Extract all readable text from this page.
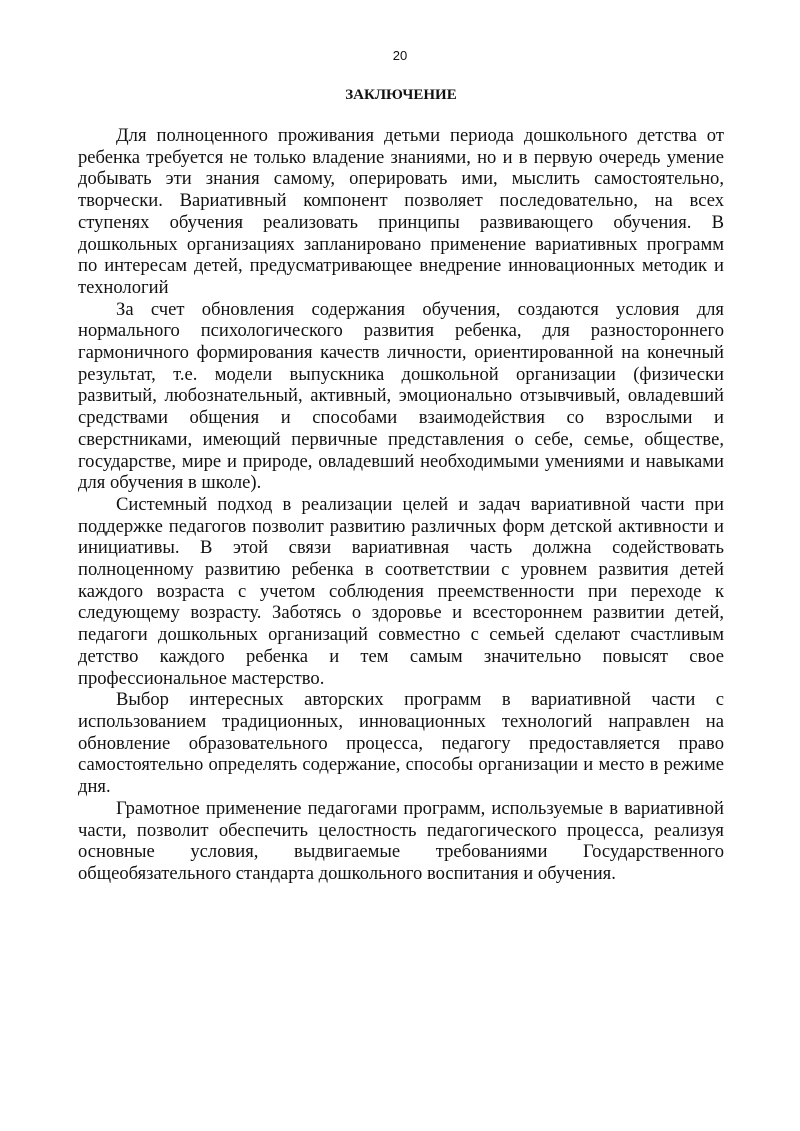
20
ЗАКЛЮЧЕНИЕ

Для полноценного проживания детьми периода дошкольного детства от ребенка требуется не только владение знаниями, но и в первую очередь умение добывать эти знания самому, оперировать ими, мыслить самостоятельно, творчески. Вариативный компонент позволяет последовательно, на всех ступенях обучения реализовать принципы развивающего обучения. В дошкольных организациях запланировано применение вариативных программ по интересам детей, предусматривающее внедрение инновационных методик и технологий

За счет обновления содержания обучения, создаются условия для нормального психологического развития ребенка, для разностороннего гармоничного формирования качеств личности, ориентированной на конечный результат, т.е. модели выпускника дошкольной организации (физически развитый, любознательный, активный, эмоционально отзывчивый, овладевший средствами общения и способами взаимодействия со взрослыми и сверстниками, имеющий первичные представления о себе, семье, обществе, государстве, мире и природе, овладевший необходимыми умениями и навыками для обучения в школе).

Системный подход в реализации целей и задач вариативной части при поддержке педагогов позволит развитию различных форм детской активности и инициативы. В этой связи вариативная часть должна содействовать полноценному развитию ребенка в соответствии с уровнем развития детей каждого возраста с учетом соблюдения преемственности при переходе к следующему возрасту. Заботясь о здоровье и всестороннем развитии детей, педагоги дошкольных организаций совместно с семьей сделают счастливым детство каждого ребенка и тем самым значительно повысят свое профессиональное мастерство.

Выбор интересных авторских программ в вариативной части с использованием традиционных, инновационных технологий направлен на обновление образовательного процесса, педагогу предоставляется право самостоятельно определять содержание, способы организации и место в режиме дня.

Грамотное применение педагогами программ, используемые в вариативной части, позволит обеспечить целостность педагогического процесса, реализуя основные условия, выдвигаемые требованиями Государственного общеобязательного стандарта дошкольного воспитания и обучения.
